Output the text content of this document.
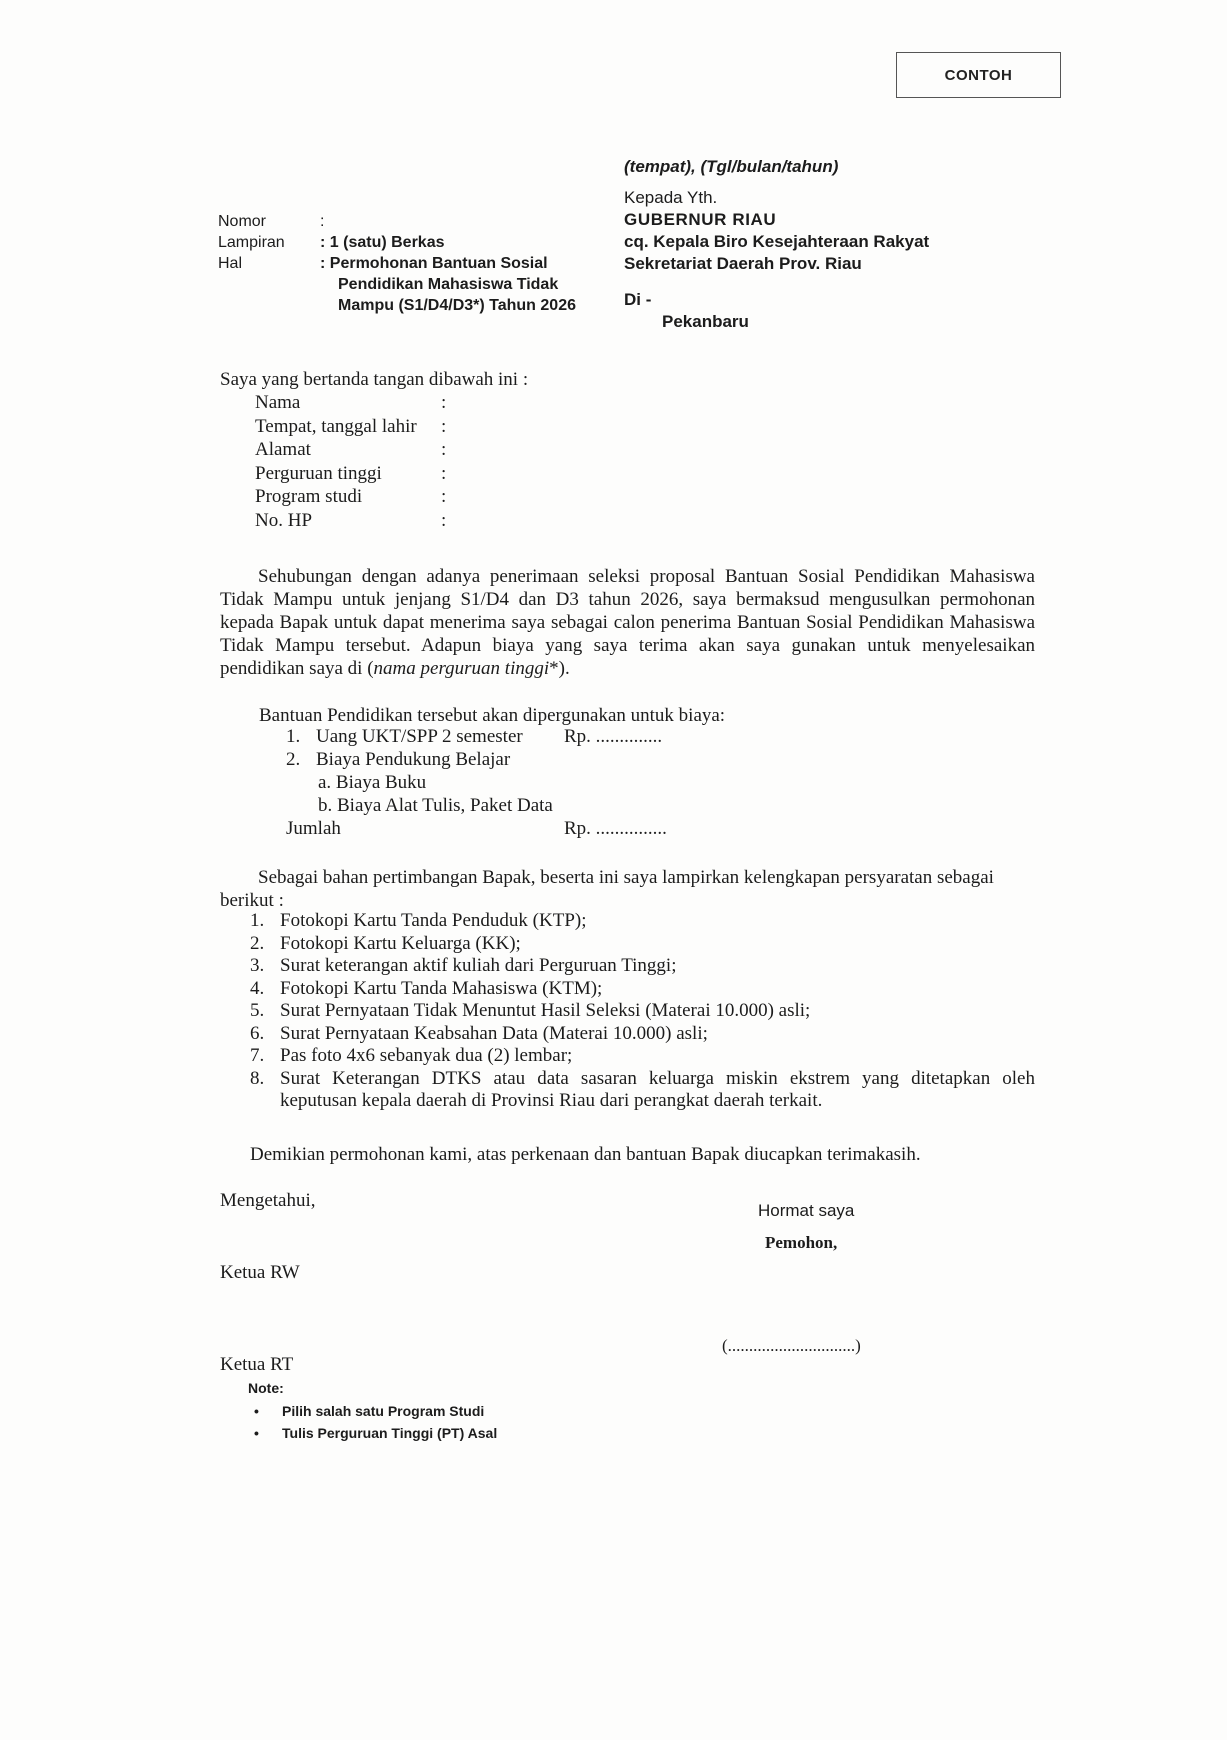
CONTOH
(tempat), (Tgl/bulan/tahun)
Kepada Yth.
GUBERNUR RIAU
cq. Kepala Biro Kesejahteraan Rakyat
Sekretariat Daerah Prov. Riau
Di -
Pekanbaru
Nomor	:	
Lampiran	: 1 (satu) Berkas	
Hal	: Permohonan Bantuan Sosial	
	Pendidikan Mahasiswa Tidak	
	Mampu (S1/D4/D3*) Tahun 2026	
Saya yang bertanda tangan dibawah ini :
Nama	:
Tempat, tanggal lahir	:
Alamat	:
Perguruan tinggi	:
Program studi	:
No. HP	:
Sehubungan dengan adanya penerimaan seleksi proposal Bantuan Sosial Pendidikan Mahasiswa Tidak Mampu untuk jenjang S1/D4 dan D3 tahun 2026, saya bermaksud mengusulkan permohonan kepada Bapak untuk dapat menerima saya sebagai calon penerima Bantuan Sosial Pendidikan Mahasiswa Tidak Mampu tersebut. Adapun biaya yang saya terima akan saya gunakan untuk menyelesaikan pendidikan saya di (nama perguruan tinggi*).
Bantuan Pendidikan tersebut akan dipergunakan untuk biaya:
1.	Uang UKT/SPP 2 semester	Rp. ..............
2.	Biaya Pendukung Belajar	
a. Biaya Buku		
b. Biaya Alat Tulis, Paket Data		
Jumlah		Rp. ...............
Sebagai bahan pertimbangan Bapak, beserta ini saya lampirkan kelengkapan persyaratan sebagai berikut :
1. Fotokopi Kartu Tanda Penduduk (KTP);
2. Fotokopi Kartu Keluarga (KK);
3. Surat keterangan aktif kuliah dari Perguruan Tinggi;
4. Fotokopi Kartu Tanda Mahasiswa (KTM);
5. Surat Pernyataan Tidak Menuntut Hasil Seleksi (Materai 10.000) asli;
6. Surat Pernyataan Keabsahan Data (Materai 10.000) asli;
7. Pas foto 4x6 sebanyak dua (2) lembar;
8. Surat Keterangan DTKS atau data sasaran keluarga miskin ekstrem yang ditetapkan oleh keputusan kepala daerah di Provinsi Riau dari perangkat daerah terkait.
Demikian permohonan kami, atas perkenaan dan bantuan Bapak diucapkan terimakasih.
Mengetahui,
Ketua RW
Ketua RT
Hormat saya
Pemohon,
(..............................)
Note:
• Pilih salah satu Program Studi
• Tulis Perguruan Tinggi (PT) Asal
